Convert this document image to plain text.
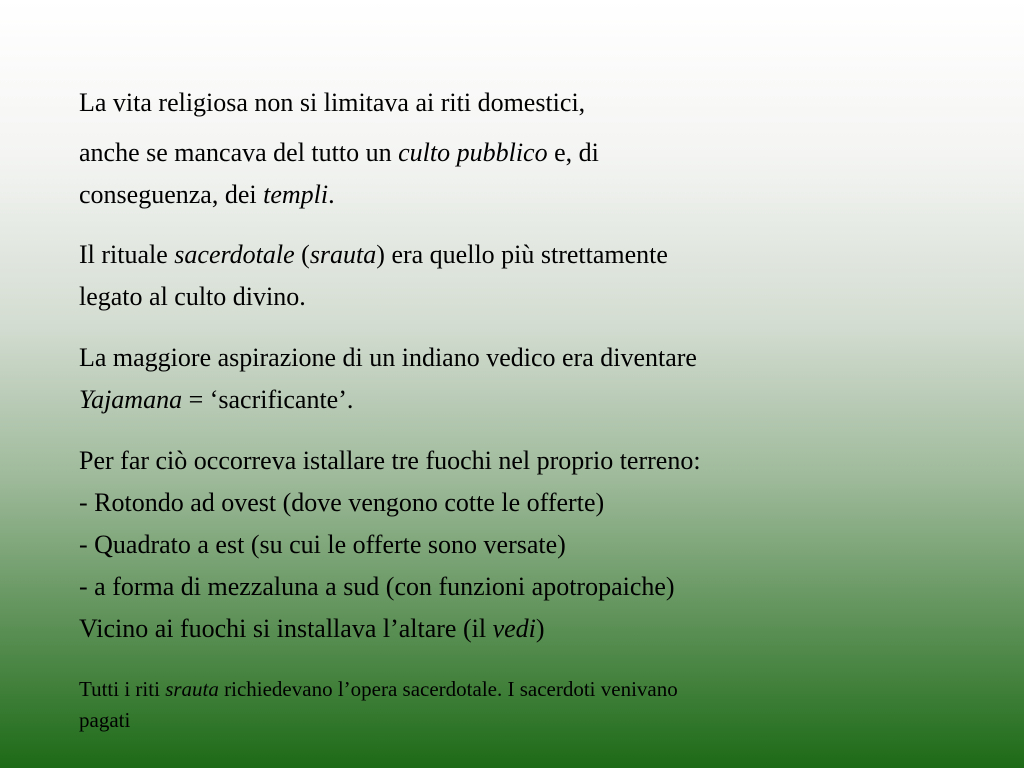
La vita religiosa non si limitava ai riti domestici,
anche se mancava del tutto un culto pubblico e, di
conseguenza, dei templi.
Il rituale sacerdotale (srauta) era quello più strettamente
legato al culto divino.
La maggiore aspirazione di un indiano vedico era diventare
Yajamana = ‘sacrificante’.
Per far ciò occorreva istallare tre fuochi nel proprio terreno:
- Rotondo ad ovest (dove vengono cotte le offerte)
- Quadrato a est (su cui le offerte sono versate)
- a forma di mezzaluna a sud (con funzioni apotropaiche)
Vicino ai fuochi si installava l’altare (il vedi)
Tutti i riti srauta richiedevano l’opera sacerdotale. I sacerdoti venivano
pagati
